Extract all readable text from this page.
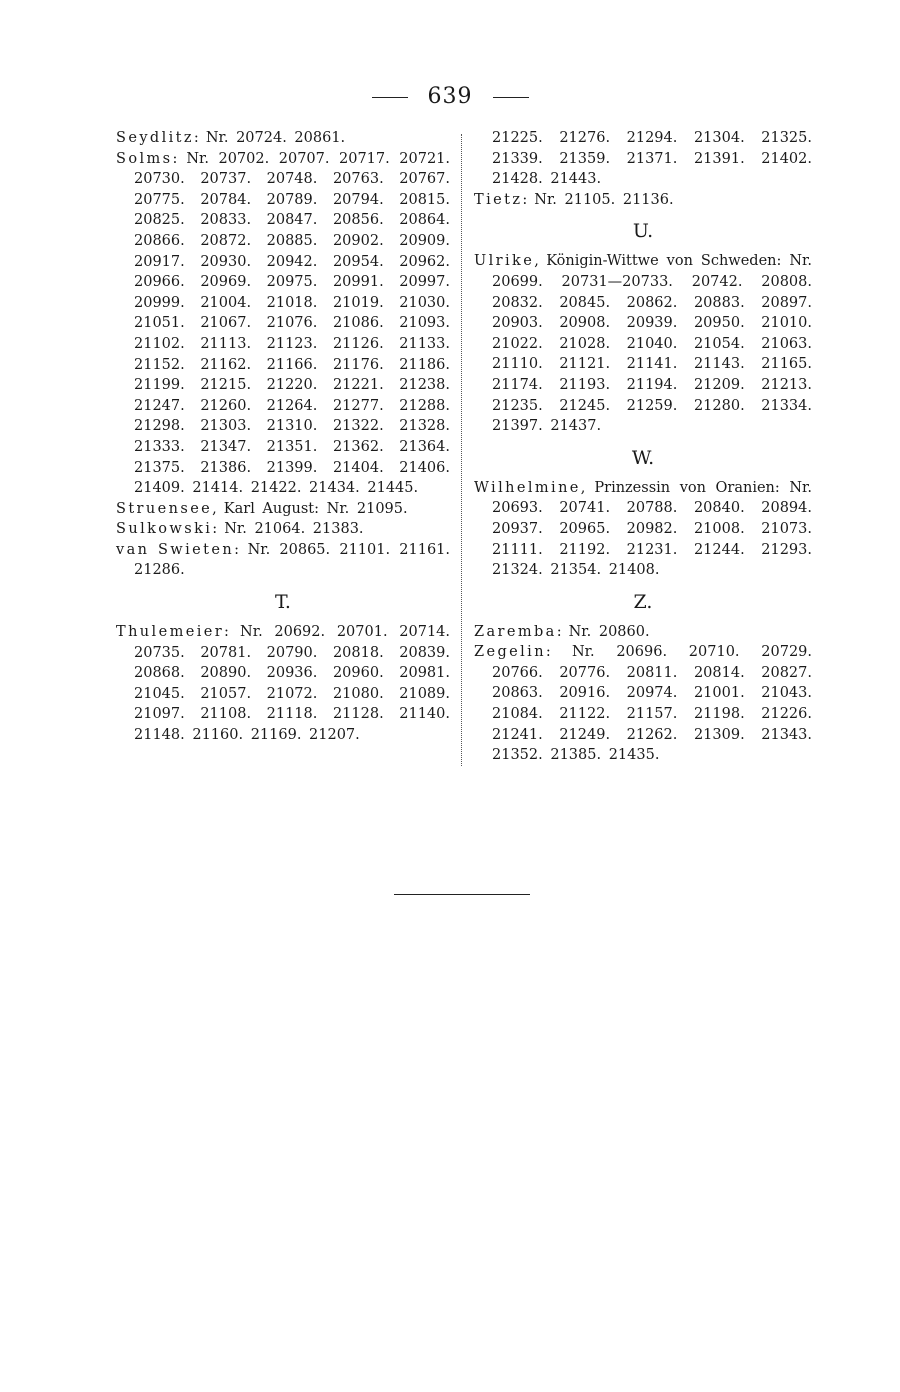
639

Seydlitz: Nr. 20724. 20861.

Solms: Nr. 20702. 20707. 20717. 20721. 20730. 20737. 20748. 20763. 20767. 20775. 20784. 20789. 20794. 20815. 20825. 20833. 20847. 20856. 20864. 20866. 20872. 20885. 20902. 20909. 20917. 20930. 20942. 20954. 20962. 20966. 20969. 20975. 20991. 20997. 20999. 21004. 21018. 21019. 21030. 21051. 21067. 21076. 21086. 21093. 21102. 21113. 21123. 21126. 21133. 21152. 21162. 21166. 21176. 21186. 21199. 21215. 21220. 21221. 21238. 21247. 21260. 21264. 21277. 21288. 21298. 21303. 21310. 21322. 21328. 21333. 21347. 21351. 21362. 21364. 21375. 21386. 21399. 21404. 21406. 21409. 21414. 21422. 21434. 21445.

Struensee, Karl August: Nr. 21095.

Sulkowski: Nr. 21064. 21383.

van Swieten: Nr. 20865. 21101. 21161. 21286.

T.

Thulemeier: Nr. 20692. 20701. 20714. 20735. 20781. 20790. 20818. 20839. 20868. 20890. 20936. 20960. 20981. 21045. 21057. 21072. 21080. 21089. 21097. 21108. 21118. 21128. 21140. 21148. 21160. 21169. 21207.

21225. 21276. 21294. 21304. 21325. 21339. 21359. 21371. 21391. 21402. 21428. 21443.

Tietz: Nr. 21105. 21136.

U.

Ulrike, Königin-Wittwe von Schweden: Nr. 20699. 20731—20733. 20742. 20808. 20832. 20845. 20862. 20883. 20897. 20903. 20908. 20939. 20950. 21010. 21022. 21028. 21040. 21054. 21063. 21110. 21121. 21141. 21143. 21165. 21174. 21193. 21194. 21209. 21213. 21235. 21245. 21259. 21280. 21334. 21397. 21437.

W.

Wilhelmine, Prinzessin von Oranien: Nr. 20693. 20741. 20788. 20840. 20894. 20937. 20965. 20982. 21008. 21073. 21111. 21192. 21231. 21244. 21293. 21324. 21354. 21408.

Z.

Zaremba: Nr. 20860.

Zegelin: Nr. 20696. 20710. 20729. 20766. 20776. 20811. 20814. 20827. 20863. 20916. 20974. 21001. 21043. 21084. 21122. 21157. 21198. 21226. 21241. 21249. 21262. 21309. 21343. 21352. 21385. 21435.
